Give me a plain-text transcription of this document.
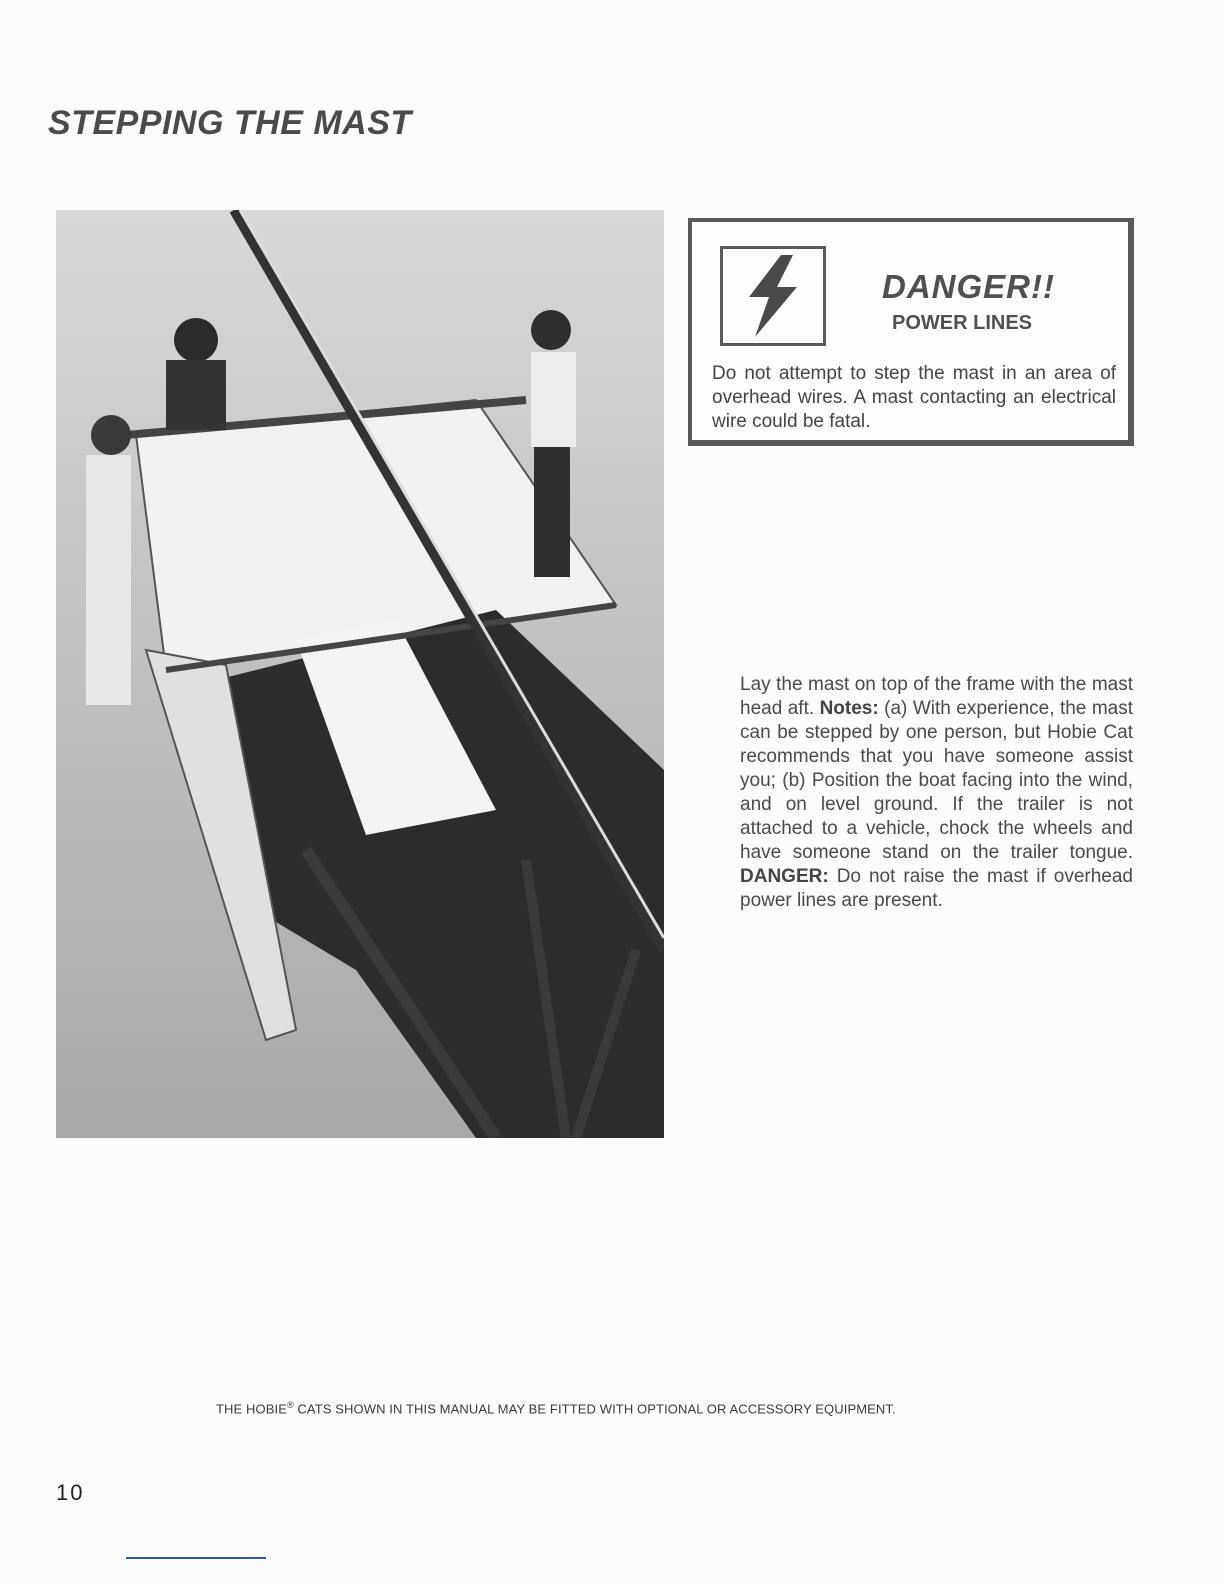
STEPPING THE MAST
DANGER!!
POWER LINES
Do not attempt to step the mast in an area of overhead wires. A mast contacting an electrical wire could be fatal.

Lay the mast on top of the frame with the mast head aft. Notes: (a) With experience, the mast can be stepped by one person, but Hobie Cat recommends that you have someone assist you; (b) Position the boat facing into the wind, and on level ground. If the trailer is not attached to a vehicle, chock the wheels and have someone stand on the trailer tongue. DANGER: Do not raise the mast if overhead power lines are present.

THE HOBIE® CATS SHOWN IN THIS MANUAL MAY BE FITTED WITH OPTIONAL OR ACCESSORY EQUIPMENT.
10
